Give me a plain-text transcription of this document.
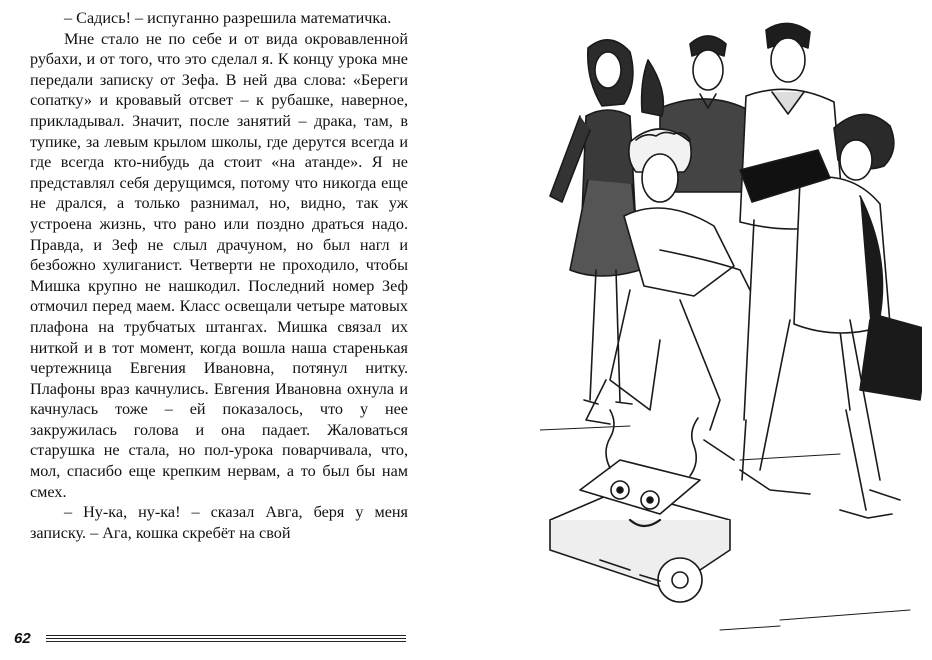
– Садись! – испуганно разрешила математичка.

Мне стало не по себе и от вида окровавленной рубахи, и от того, что это сделал я. К концу урока мне передали записку от Зефа. В ней два слова: «Береги сопатку» и кровавый отсвет – к рубашке, наверное, прикладывал. Значит, после занятий – драка, там, в тупике, за левым крылом школы, где дерутся всегда и где всегда кто-нибудь да стоит «на атанде». Я не представлял себя дерущимся, потому что никогда еще не дрался, а только разнимал, но, видно, так уж устроена жизнь, что рано или поздно драться надо. Правда, и Зеф не слыл драчуном, но был нагл и безбожно хулиганист. Четверти не проходило, чтобы Мишка крупно не нашкодил. Последний номер Зеф отмочил перед маем. Класс освещали четыре матовых плафона на трубчатых штангах. Мишка связал их ниткой и в тот момент, когда вошла наша старенькая чертежница Евгения Ивановна, потянул нитку. Плафоны враз качнулись. Евгения Ивановна охнула и качнулась тоже – ей показалось, что у нее закружилась голова и она падает. Жаловаться старушка не стала, но пол-урока поварчивала, что, мол, спасибо еще крепким нервам, а то был бы нам смех.

– Ну-ка, ну-ка! – сказал Авга, беря у меня записку. – Ага, кошка скребёт на свой

62
